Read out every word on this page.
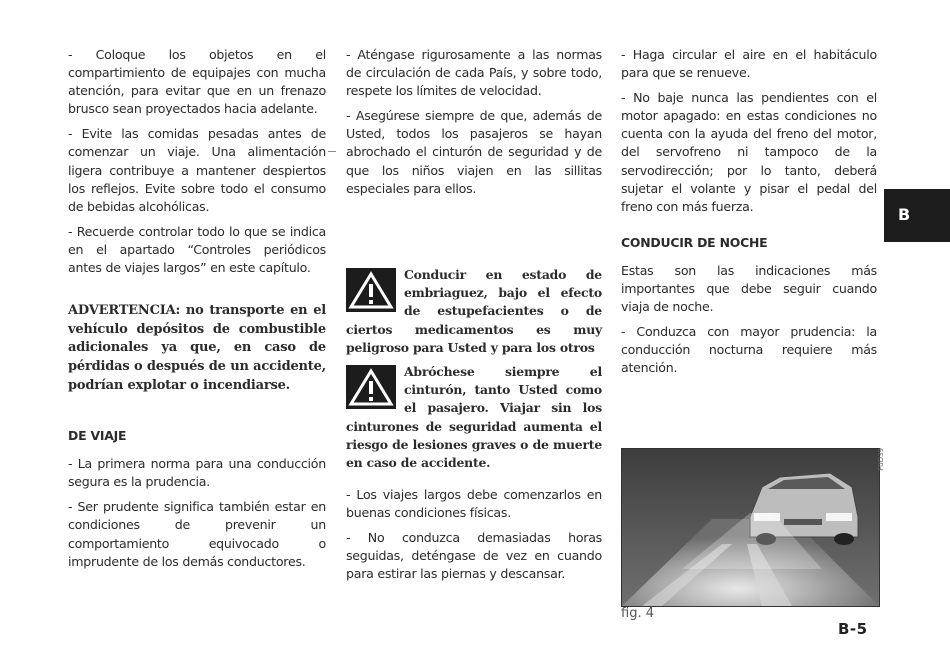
- Coloque los objetos en el compartimiento de equipajes con mucha atención, para evitar que en un frenazo brusco sean proyectados hacia adelante.

- Evite las comidas pesadas antes de comenzar un viaje. Una alimentación ligera contribuye a mantener despiertos los reflejos. Evite sobre todo el consumo de bebidas alcohólicas.

- Recuerde controlar todo lo que se indica en el apartado “Controles periódicos antes de viajes largos” en este capítulo.

ADVERTENCIA: no transporte en el vehículo depósitos de combustible adicionales ya que, en caso de pérdidas o después de un accidente, podrían explotar o incendiarse.

DE VIAJE

- La primera norma para una conducción segura es la prudencia.

- Ser prudente significa también estar en condiciones de prevenir un comportamiento equivocado o imprudente de los demás conductores.

- Aténgase rigurosamente a las normas de circulación de cada País, y sobre todo, respete los límites de velocidad.

- Asegúrese siempre de que, además de Usted, todos los pasajeros se hayan abrochado el cinturón de seguridad y de que los niños viajen en las sillitas especiales para ellos.

Conducir en estado de embriaguez, bajo el efecto de estupefacientes o de ciertos medicamentos es muy peligroso para Usted y para los otros
Abróchese siempre el cinturón, tanto Usted como el pasajero. Viajar sin los cinturones de seguridad aumenta el riesgo de lesiones graves o de muerte en caso de accidente.

- Los viajes largos debe comenzarlos en buenas condiciones físicas.

- No conduzca demasiadas horas seguidas, deténgase de vez en cuando para estirar las piernas y descansar.

- Haga circular el aire en el habitáculo para que se renueve.

- No baje nunca las pendientes con el motor apagado: en estas condiciones no cuenta con la ayuda del freno del motor, del servofreno ni tampoco de la servodirección; por lo tanto, deberá sujetar el volante y pisar el pedal del freno con más fuerza.

CONDUCIR DE NOCHE

Estas son las indicaciones más importantes que debe seguir cuando viaja de noche.

- Conduzca con mayor prudencia: la conducción nocturna requiere más atención.

F0D39
fig. 4
B
B-5
